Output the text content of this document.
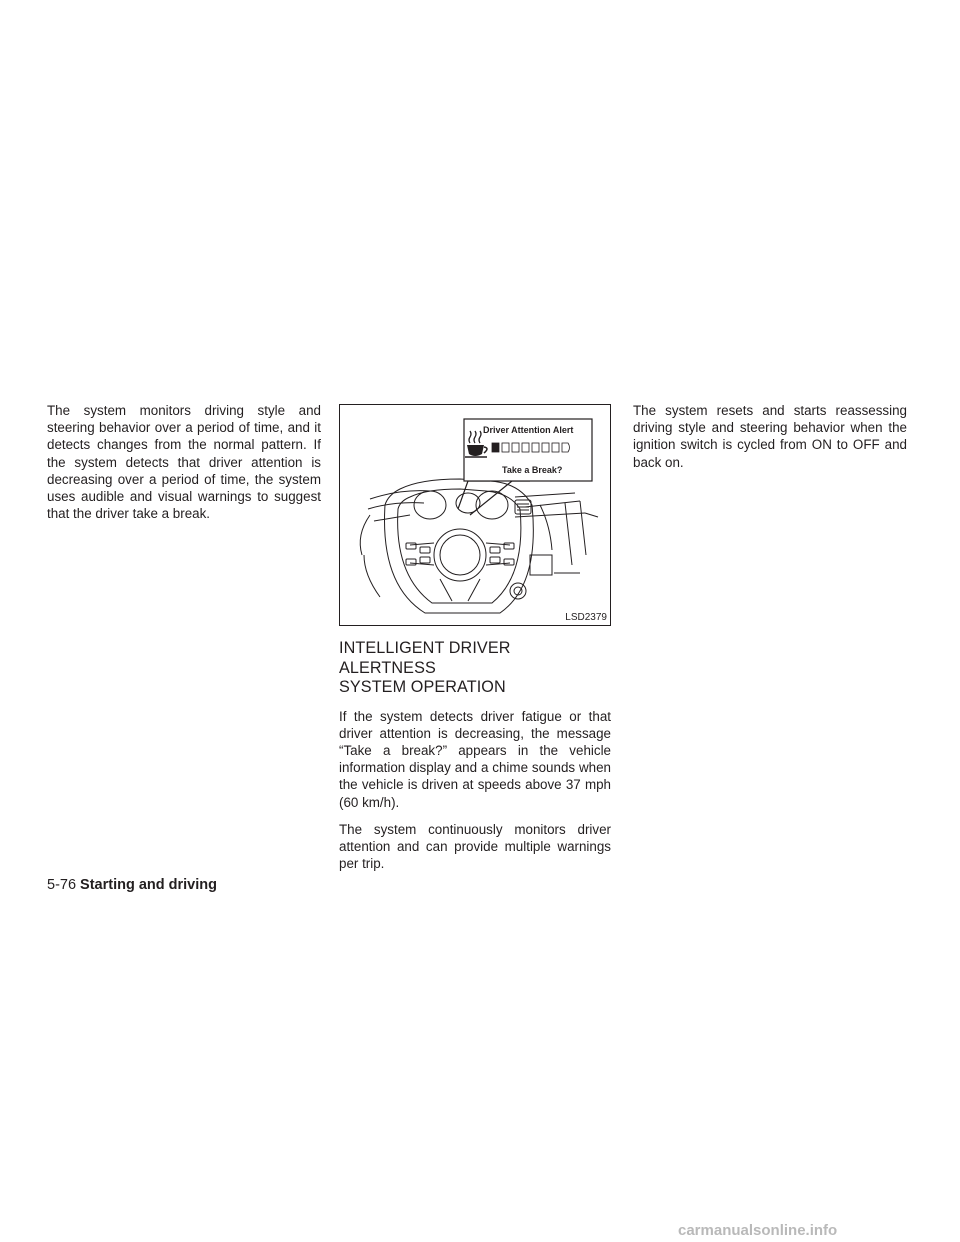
The system monitors driving style and steering behavior over a period of time, and it detects changes from the normal pattern. If the system detects that driver attention is decreasing over a period of time, the system uses audible and visual warnings to suggest that the driver take a break.

Driver Attention Alert
Take a Break?
LSD2379
INTELLIGENT DRIVER ALERTNESS
SYSTEM OPERATION

If the system detects driver fatigue or that driver attention is decreasing, the message “Take a break?” appears in the vehicle information display and a chime sounds when the vehicle is driven at speeds above 37 mph (60 km/h).

The system continuously monitors driver attention and can provide multiple warnings per trip.

The system resets and starts reassessing driving style and steering behavior when the ignition switch is cycled from ON to OFF and back on.

5-76 Starting and driving
carmanualsonline.info
